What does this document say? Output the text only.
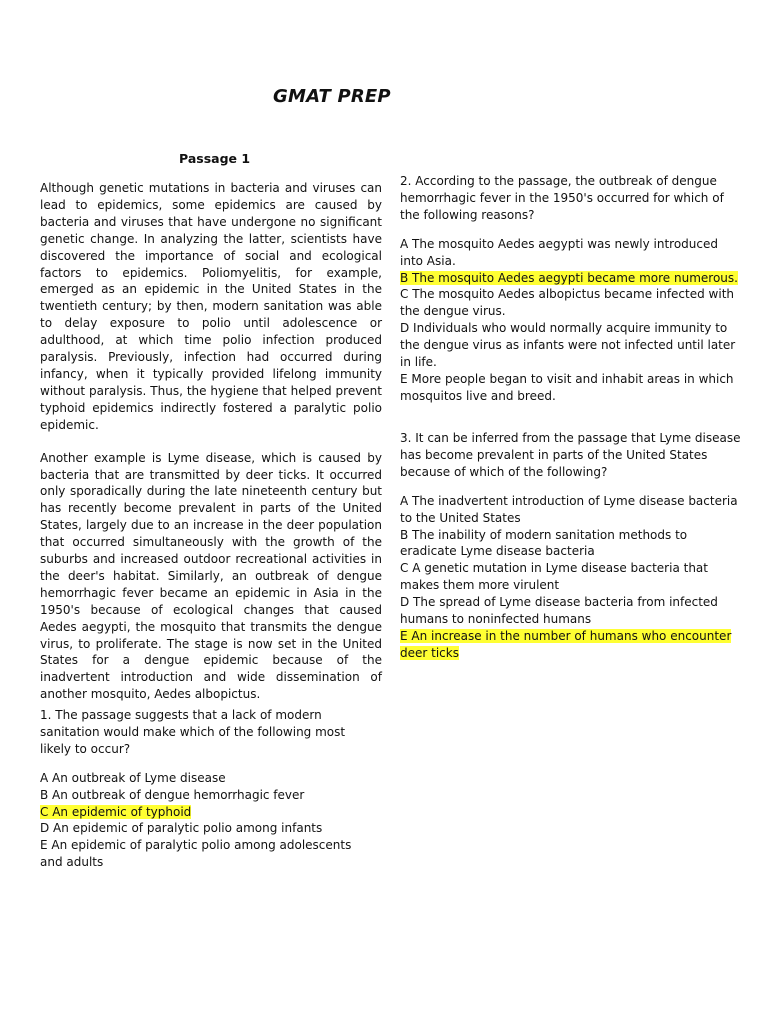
GMAT PREP
Passage 1

Although genetic mutations in bacteria and viruses can lead to epidemics, some epidemics are caused by bacteria and viruses that have undergone no significant genetic change. In analyzing the latter, scientists have discovered the importance of social and ecological factors to epidemics. Poliomyelitis, for example, emerged as an epidemic in the United States in the twentieth century; by then, modern sanitation was able to delay exposure to polio until adolescence or adulthood, at which time polio infection produced paralysis. Previously, infection had occurred during infancy, when it typically provided lifelong immunity without paralysis. Thus, the hygiene that helped prevent typhoid epidemics indirectly fostered a paralytic polio epidemic.

Another example is Lyme disease, which is caused by bacteria that are transmitted by deer ticks. It occurred only sporadically during the late nineteenth century but has recently become prevalent in parts of the United States, largely due to an increase in the deer population that occurred simultaneously with the growth of the suburbs and increased outdoor recreational activities in the deer's habitat. Similarly, an outbreak of dengue hemorrhagic fever became an epidemic in Asia in the 1950's because of ecological changes that caused Aedes aegypti, the mosquito that transmits the dengue virus, to proliferate. The stage is now set in the United States for a dengue epidemic because of the inadvertent introduction and wide dissemination of another mosquito, Aedes albopictus.

1. The passage suggests that a lack of modern sanitation would make which of the following most likely to occur?
A An outbreak of Lyme disease
B An outbreak of dengue hemorrhagic fever
C An epidemic of typhoid
D An epidemic of paralytic polio among infants
E An epidemic of paralytic polio among adolescents and adults
2. According to the passage, the outbreak of dengue hemorrhagic fever in the 1950's occurred for which of the following reasons?
A The mosquito Aedes aegypti was newly introduced into Asia.
B The mosquito Aedes aegypti became more numerous.
C The mosquito Aedes albopictus became infected with the dengue virus.
D Individuals who would normally acquire immunity to the dengue virus as infants were not infected until later in life.
E More people began to visit and inhabit areas in which mosquitos live and breed.
3. It can be inferred from the passage that Lyme disease has become prevalent in parts of the United States because of which of the following?
A The inadvertent introduction of Lyme disease bacteria to the United States
B The inability of modern sanitation methods to eradicate Lyme disease bacteria
C A genetic mutation in Lyme disease bacteria that makes them more virulent
D The spread of Lyme disease bacteria from infected humans to noninfected humans
E An increase in the number of humans who encounter deer ticks
